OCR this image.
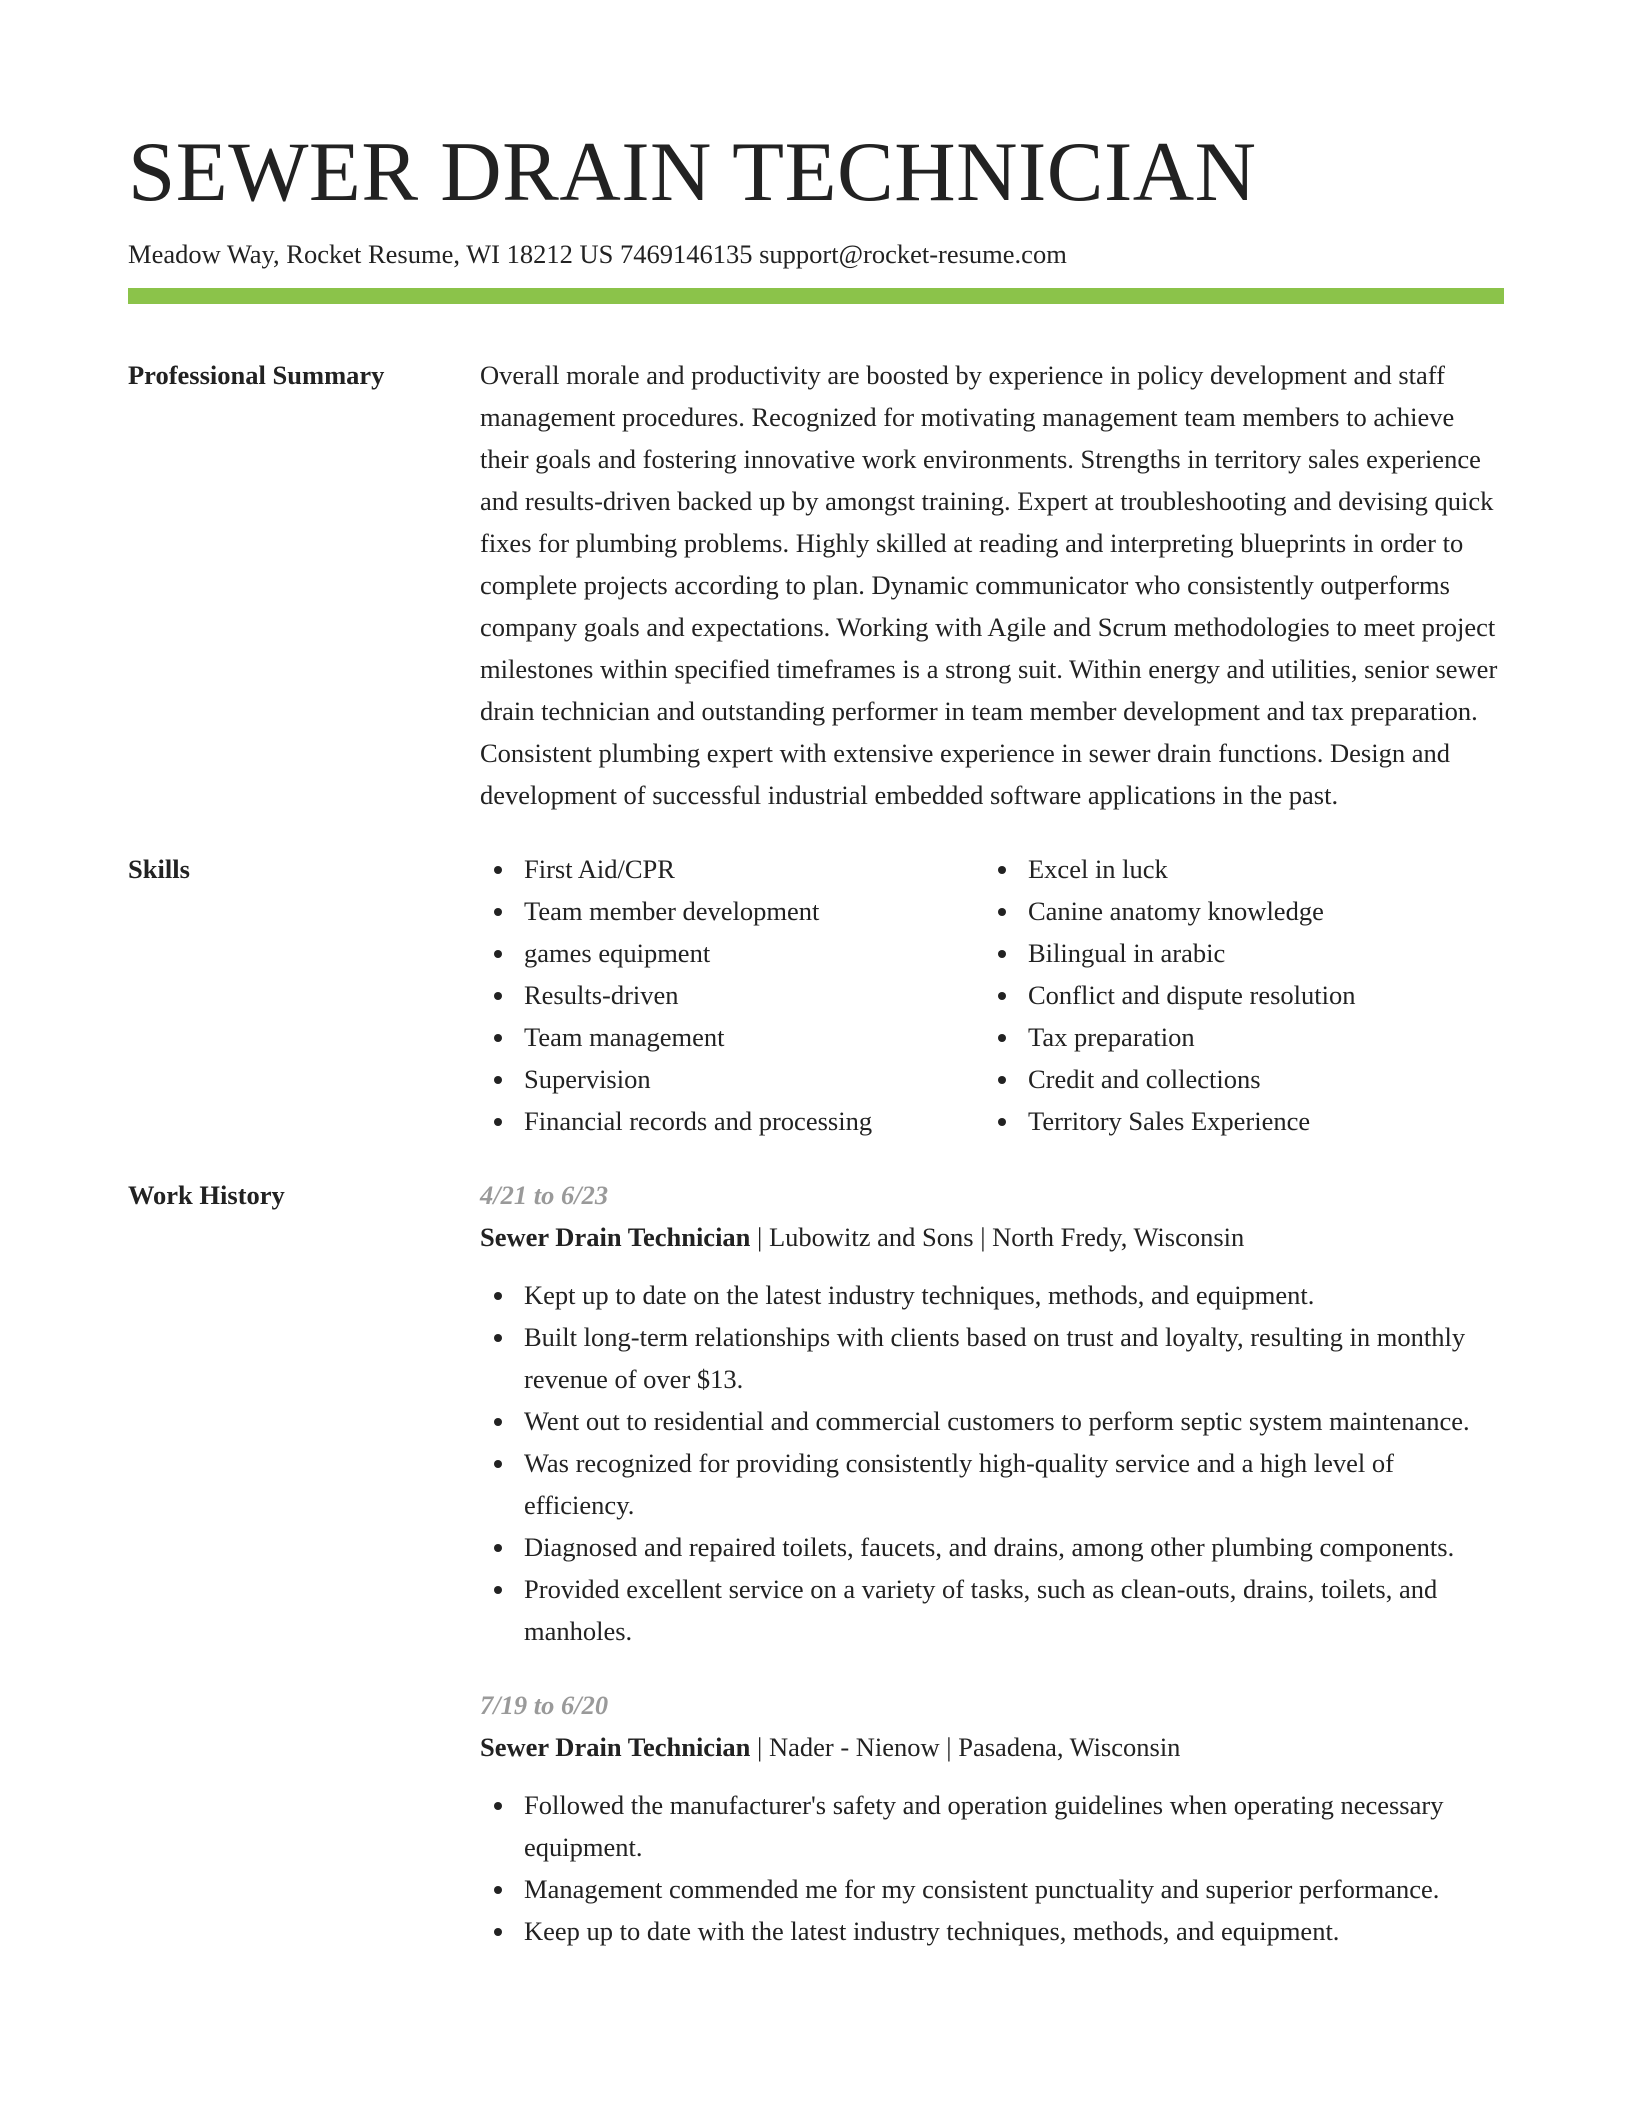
SEWER DRAIN TECHNICIAN
Meadow Way, Rocket Resume, WI 18212 US 7469146135 support@rocket-resume.com
Professional Summary	Overall morale and productivity are boosted by experience in policy development and staff management procedures. Recognized for motivating management team members to achieve their goals and fostering innovative work environments. Strengths in territory sales experience and results-driven backed up by amongst training. Expert at troubleshooting and devising quick fixes for plumbing problems. Highly skilled at reading and interpreting blueprints in order to complete projects according to plan. Dynamic communicator who consistently outperforms company goals and expectations. Working with Agile and Scrum methodologies to meet project milestones within specified timeframes is a strong suit. Within energy and utilities, senior sewer drain technician and outstanding performer in team member development and tax preparation. Consistent plumbing expert with extensive experience in sewer drain functions. Design and development of successful industrial embedded software applications in the past.

Skills	First Aid/CPR
Team member development
games equipment
Results-driven
Team management
Supervision
Financial records and processing
Excel in luck
Canine anatomy knowledge
Bilingual in arabic
Conflict and dispute resolution
Tax preparation
Credit and collections
Territory Sales Experience
Work History	4/21 to 6/23
Sewer Drain Technician | Lubowitz and Sons | North Fredy, Wisconsin
Kept up to date on the latest industry techniques, methods, and equipment.
Built long-term relationships with clients based on trust and loyalty, resulting in monthly revenue of over $13.
Went out to residential and commercial customers to perform septic system maintenance.
Was recognized for providing consistently high-quality service and a high level of efficiency.
Diagnosed and repaired toilets, faucets, and drains, among other plumbing components.
Provided excellent service on a variety of tasks, such as clean-outs, drains, toilets, and manholes.
7/19 to 6/20
Sewer Drain Technician | Nader - Nienow | Pasadena, Wisconsin
Followed the manufacturer's safety and operation guidelines when operating necessary equipment.
Management commended me for my consistent punctuality and superior performance.
Keep up to date with the latest industry techniques, methods, and equipment.
